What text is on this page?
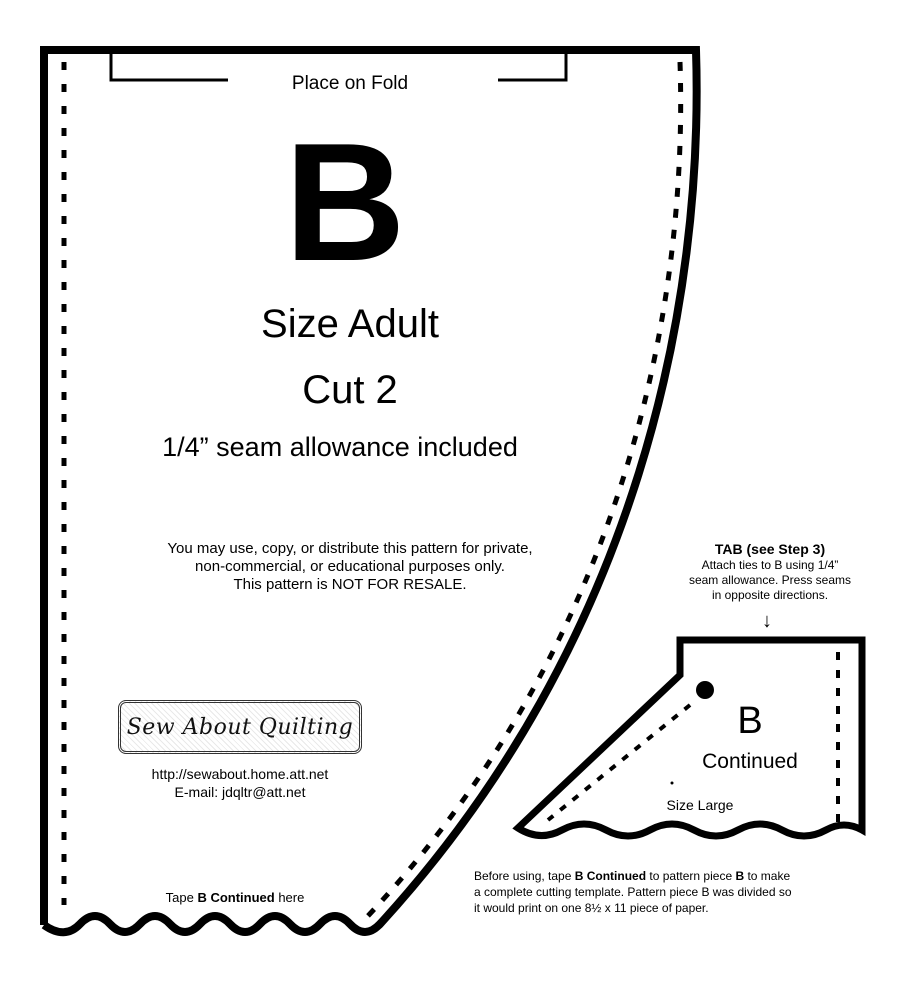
Place on Fold
B
Size Adult
Cut 2
1/4” seam allowance included
You may use, copy, or distribute this pattern for private,
non-commercial, or educational purposes only.
This pattern is NOT FOR RESALE.
Sew About Quilting
http://sewabout.home.att.net
E-mail: jdqltr@att.net
Tape B Continued here
TAB (see Step 3)
Attach ties to B using 1/4”
seam allowance. Press seams
in opposite directions.
↓
B
Continued
Size Large
Before using, tape B Continued to pattern piece B to make
a complete cutting template. Pattern piece B was divided so
it would print on one 8½ x 11 piece of paper.
